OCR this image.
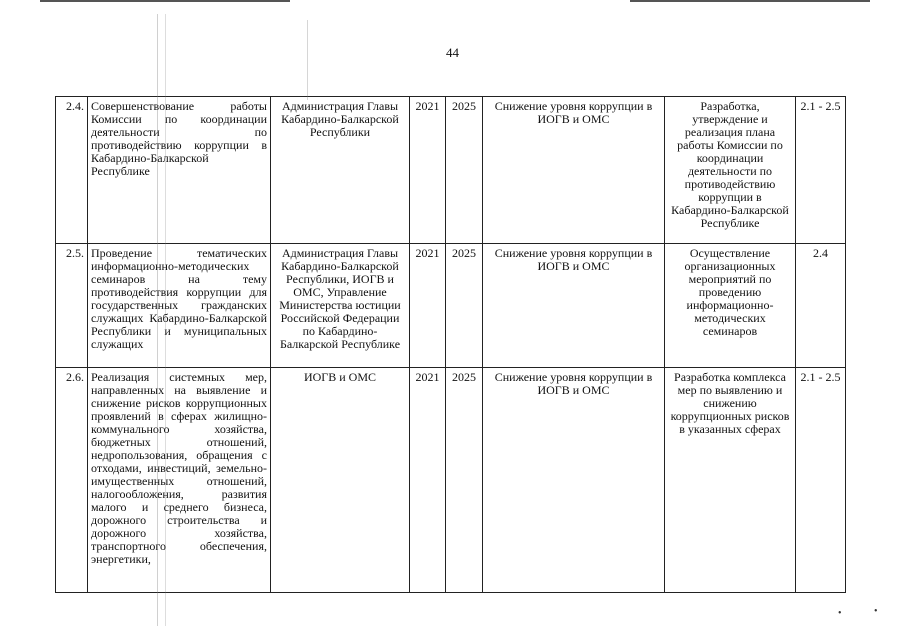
44
2.4.	Совершенствование работы Комиссии по координации деятельности по противодействию коррупции в Кабардино-Балкарской Республике	Администрация Главы Кабардино-Балкарской Республики	2021	2025	Снижение уровня коррупции в ИОГВ и ОМС	Разработка, утверждение и реализация плана работы Комиссии по координации деятельности по противодействию коррупции в Кабардино-Балкарской Республике	2.1 - 2.5
2.5.	Проведение тематических информационно-методических семинаров на тему противодействия коррупции для государственных гражданских служащих Кабардино-Балкарской Республики и муниципальных служащих	Администрация Главы Кабардино-Балкарской Республики, ИОГВ и ОМС, Управление Министерства юстиции Российской Федерации по Кабардино-Балкарской Республике	2021	2025	Снижение уровня коррупции в ИОГВ и ОМС	Осуществление организационных мероприятий по проведению информационно-методических семинаров	2.4
2.6.	Реализация системных мер, направленных на выявление и снижение рисков коррупционных проявлений в сферах жилищно-коммунального хозяйства, бюджетных отношений, недропользования, обращения с отходами, инвестиций, земельно-имущественных отношений, налогообложения, развития малого и среднего бизнеса, дорожного строительства и дорожного хозяйства, транспортного обеспечения, энергетики,	ИОГВ и ОМС	2021	2025	Снижение уровня коррупции в ИОГВ и ОМС	Разработка комплекса мер по выявлению и снижению коррупционных рисков в указанных сферах	2.1 - 2.5
•	•
